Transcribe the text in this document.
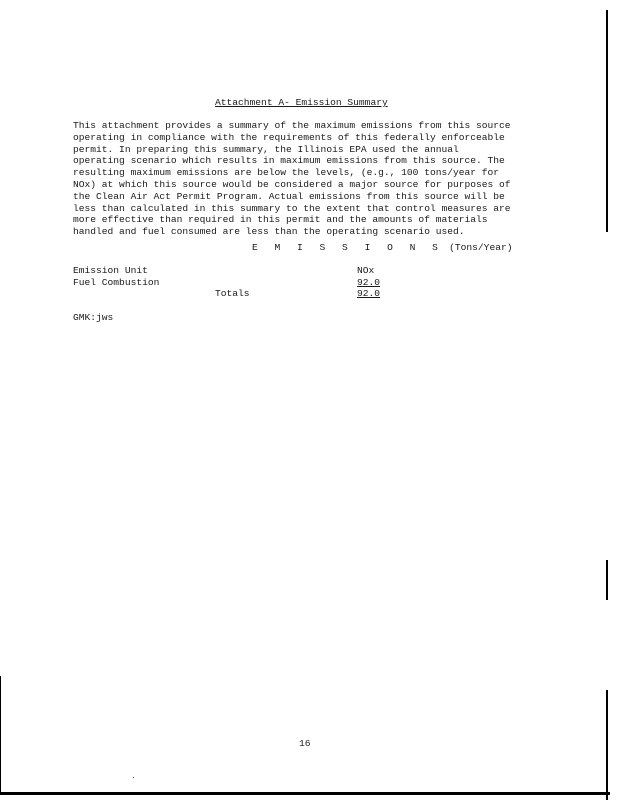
Attachment A- Emission Summary
This attachment provides a summary of the maximum emissions from this source
operating in compliance with the requirements of this federally enforceable
permit. In preparing this summary, the Illinois EPA used the annual
operating scenario which results in maximum emissions from this source. The
resulting maximum emissions are below the levels, (e.g., 100 tons/year for
NOx) at which this source would be considered a major source for purposes of
the Clean Air Act Permit Program. Actual emissions from this source will be
less than calculated in this summary to the extent that control measures are
more effective than required in this permit and the amounts of materials
handled and fuel consumed are less than the operating scenario used.
E M I S S I O N S (Tons/Year)
Emission Unit	NOx
Fuel Combustion	92.0
Totals	92.0
GMK:jws
16
